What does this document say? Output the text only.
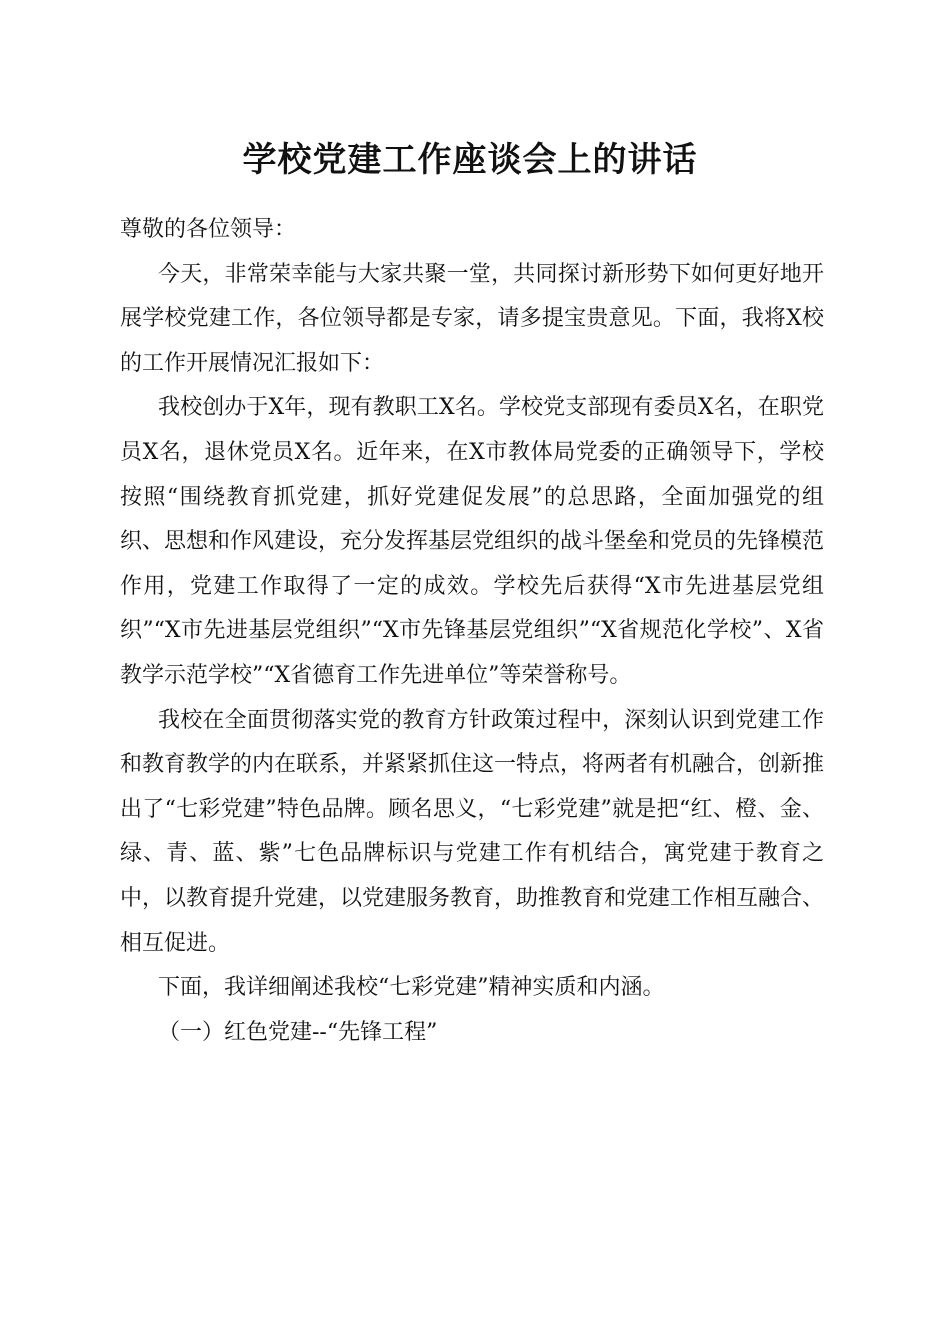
学校党建工作座谈会上的讲话

尊敬的各位领导：

今天，非常荣幸能与大家共聚一堂，共同探讨新形势下如何更好地开展学校党建工作，各位领导都是专家，请多提宝贵意见。下面，我将X校的工作开展情况汇报如下：

我校创办于X年，现有教职工X名。学校党支部现有委员X名，在职党员X名，退休党员X名。近年来，在X市教体局党委的正确领导下，学校按照“围绕教育抓党建，抓好党建促发展”的总思路，全面加强党的组织、思想和作风建设，充分发挥基层党组织的战斗堡垒和党员的先锋模范作用，党建工作取得了一定的成效。学校先后获得“X市先进基层党组织”“X市先进基层党组织”“X市先锋基层党组织”“X省规范化学校”、X省教学示范学校”“X省德育工作先进单位”等荣誉称号。

我校在全面贯彻落实党的教育方针政策过程中，深刻认识到党建工作和教育教学的内在联系，并紧紧抓住这一特点，将两者有机融合，创新推出了“七彩党建”特色品牌。顾名思义，“七彩党建”就是把“红、橙、金、绿、青、蓝、紫”七色品牌标识与党建工作有机结合，寓党建于教育之中，以教育提升党建，以党建服务教育，助推教育和党建工作相互融合、相互促进。

下面，我详细阐述我校“七彩党建”精神实质和内涵。

（一）红色党建--“先锋工程”
